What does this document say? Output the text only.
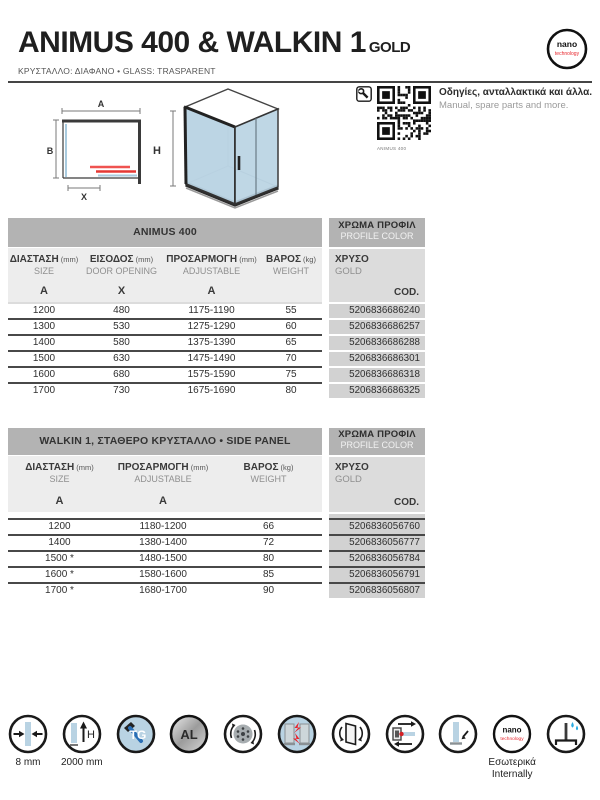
ANIMUS 400 & WALKIN 1 GOLD
ΚΡΥΣΤΑΛΛΟ: ΔΙΑΦΑΝΟ • GLASS: TRASPARENT
nano
technology
A
B
X
H	ANIMUS 400
Οδηγίες, ανταλλακτικά και άλλα.
Manual, spare parts and more.
ANIMUS 400
ΔΙΑΣΤΑΣΗ (mm)
SIZE
A
ΕΙΣΟΔΟΣ (mm)
DOOR OPENING
X
ΠΡΟΣΑΡΜΟΓΗ (mm)
ADJUSTABLE
A
ΒΑΡΟΣ (kg)
WEIGHT
1200	480	1175-1190	55
1300	530	1275-1290	60
1400	580	1375-1390	65
1500	630	1475-1490	70
1600	680	1575-1590	75
1700	730	1675-1690	80
ΧΡΩΜΑ ΠΡΟΦΙΛ
PROFILE COLOR
ΧΡΥΣΟ
GOLD
COD.
5206836686240
5206836686257
5206836686288
5206836686301
5206836686318
5206836686325
WALKIN 1, ΣΤΑΘΕΡΟ ΚΡΥΣΤΑΛΛΟ • SIDE PANEL
ΔΙΑΣΤΑΣΗ (mm)
SIZE
A
ΠΡΟΣΑΡΜΟΓΗ (mm)
ADJUSTABLE
A
ΒΑΡΟΣ (kg)
WEIGHT
1200	1180-1200	66
1400	1380-1400	72
1500 *	1480-1500	80
1600 *	1580-1600	85
1700 *	1680-1700	90
ΧΡΩΜΑ ΠΡΟΦΙΛ
PROFILE COLOR
ΧΡΥΣΟ
GOLD
COD.
5206836056760
5206836056777
5206836056784
5206836056791
5206836056807
8 mm
H
2000 mm
TG	AL	nano
technology
Εσωτερικά
Internally
